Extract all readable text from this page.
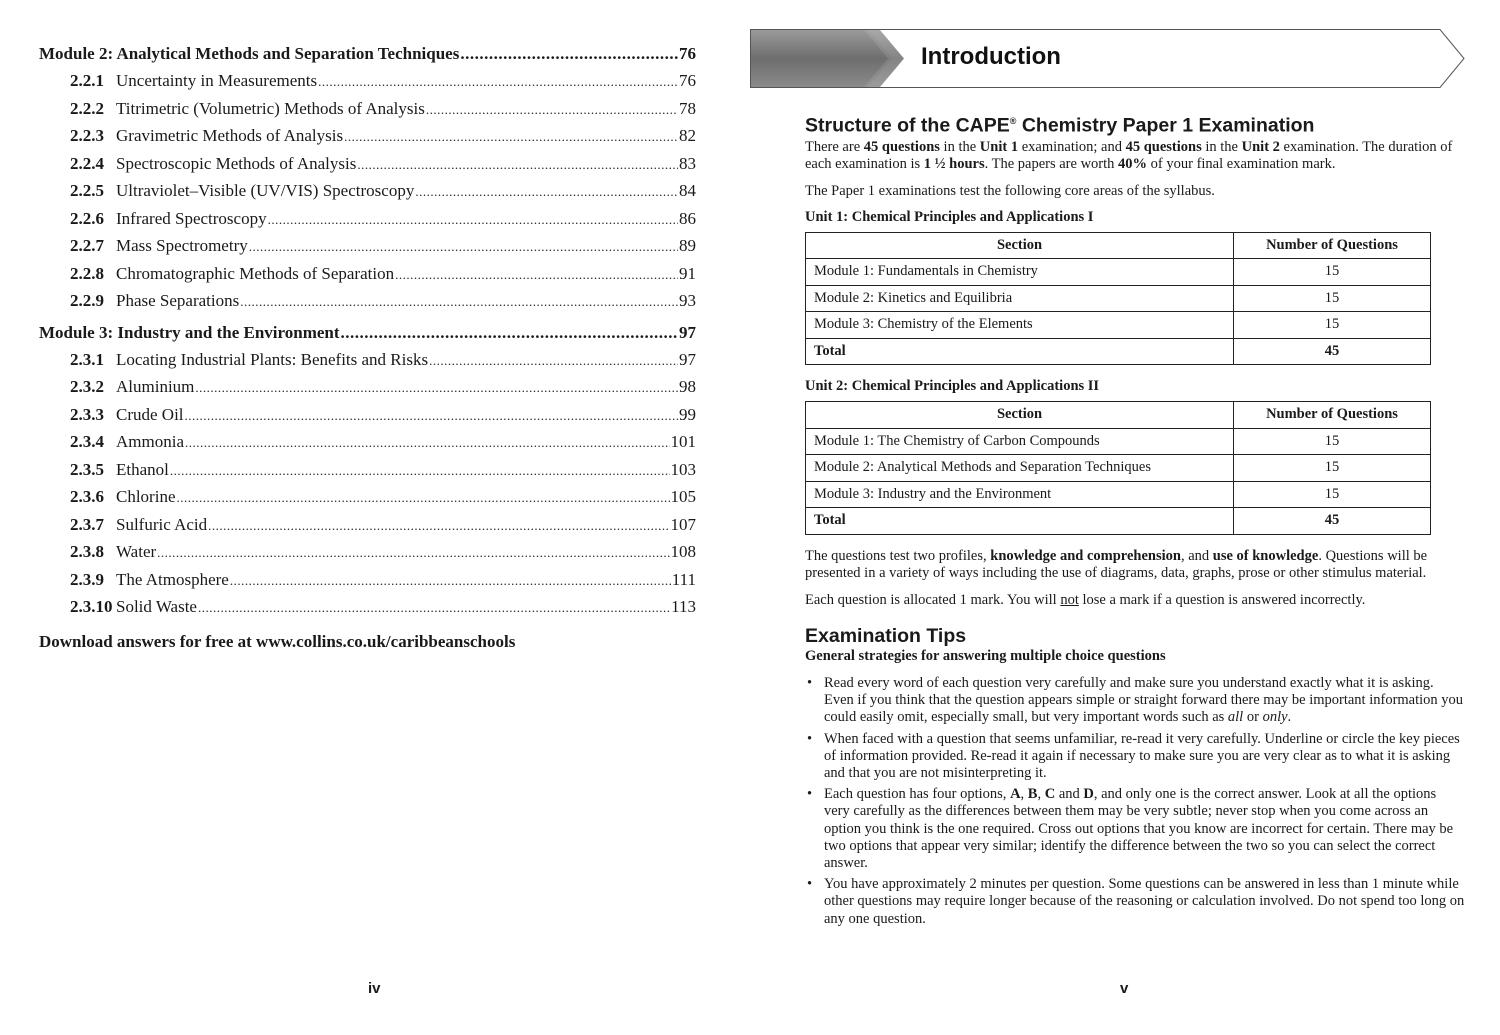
Module 2: Analytical Methods and Separation Techniques .....	76
2.2.1 Uncertainty in Measurements .....	76
2.2.2 Titrimetric (Volumetric) Methods of Analysis .....	78
2.2.3 Gravimetric Methods of Analysis .....	82
2.2.4 Spectroscopic Methods of Analysis .....	83
2.2.5 Ultraviolet–Visible (UV/VIS) Spectroscopy .....	84
2.2.6 Infrared Spectroscopy .....	86
2.2.7 Mass Spectrometry .....	89
2.2.8 Chromatographic Methods of Separation .....	91
2.2.9 Phase Separations .....	93
Module 3: Industry and the Environment .....	97
2.3.1 Locating Industrial Plants: Benefits and Risks .....	97
2.3.2 Aluminium .....	98
2.3.3 Crude Oil .....	99
2.3.4 Ammonia .....	101
2.3.5 Ethanol .....	103
2.3.6 Chlorine .....	105
2.3.7 Sulfuric Acid .....	107
2.3.8 Water .....	108
2.3.9 The Atmosphere .....	111
2.3.10 Solid Waste .....	113
Download answers for free at www.collins.co.uk/caribbeanschools
iv
Introduction
Structure of the CAPE® Chemistry Paper 1 Examination

There are 45 questions in the Unit 1 examination; and 45 questions in the Unit 2 examination. The duration of each examination is 1 ½ hours. The papers are worth 40% of your final examination mark.

The Paper 1 examinations test the following core areas of the syllabus.

Unit 1: Chemical Principles and Applications I

Section	Number of Questions
Module 1: Fundamentals in Chemistry	15
Module 2: Kinetics and Equilibria	15
Module 3: Chemistry of the Elements	15
Total	45

Unit 2: Chemical Principles and Applications II

Section	Number of Questions
Module 1: The Chemistry of Carbon Compounds	15
Module 2: Analytical Methods and Separation Techniques	15
Module 3: Industry and the Environment	15
Total	45

The questions test two profiles, knowledge and comprehension, and use of knowledge. Questions will be presented in a variety of ways including the use of diagrams, data, graphs, prose or other stimulus material.

Each question is allocated 1 mark. You will not lose a mark if a question is answered incorrectly.

Examination Tips

General strategies for answering multiple choice questions

• Read every word of each question very carefully and make sure you understand exactly what it is asking. Even if you think that the question appears simple or straight forward there may be important information you could easily omit, especially small, but very important words such as all or only.
• When faced with a question that seems unfamiliar, re-read it very carefully. Underline or circle the key pieces of information provided. Re-read it again if necessary to make sure you are very clear as to what it is asking and that you are not misinterpreting it.
• Each question has four options, A, B, C and D, and only one is the correct answer. Look at all the options very carefully as the differences between them may be very subtle; never stop when you come across an option you think is the one required. Cross out options that you know are incorrect for certain. There may be two options that appear very similar; identify the difference between the two so you can select the correct answer.
• You have approximately 2 minutes per question. Some questions can be answered in less than 1 minute while other questions may require longer because of the reasoning or calculation involved. Do not spend too long on any one question.
v
